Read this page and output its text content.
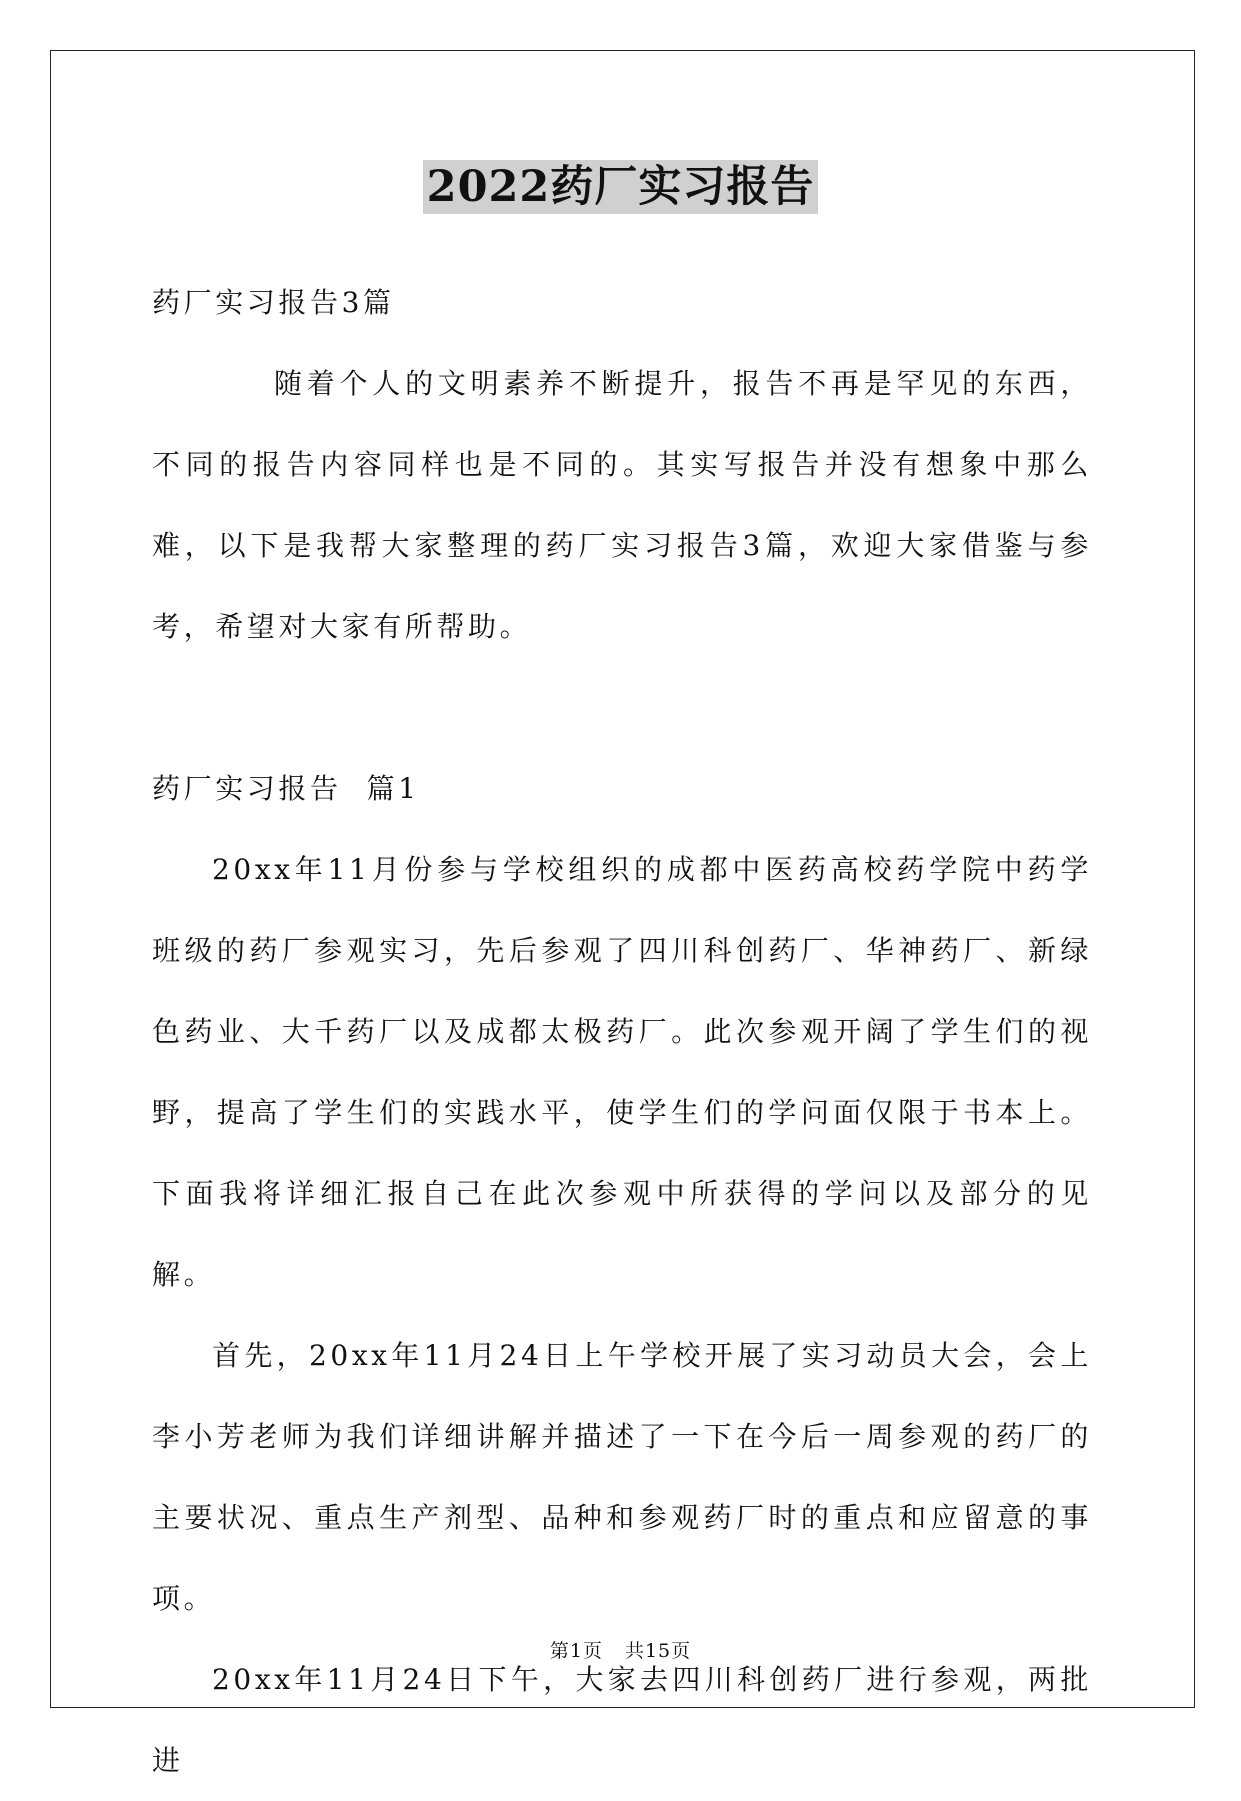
2022药厂实习报告

药厂实习报告3篇

随着个人的文明素养不断提升，报告不再是罕见的东西，不同的报告内容同样也是不同的。其实写报告并没有想象中那么难，以下是我帮大家整理的药厂实习报告3篇，欢迎大家借鉴与参考，希望对大家有所帮助。

药厂实习报告  篇1

20xx年11月份参与学校组织的成都中医药高校药学院中药学班级的药厂参观实习，先后参观了四川科创药厂、华神药厂、新绿色药业、大千药厂以及成都太极药厂。此次参观开阔了学生们的视野，提高了学生们的实践水平，使学生们的学问面仅限于书本上。下面我将详细汇报自己在此次参观中所获得的学问以及部分的见解。

首先，20xx年11月24日上午学校开展了实习动员大会，会上李小芳老师为我们详细讲解并描述了一下在今后一周参观的药厂的主要状况、重点生产剂型、品种和参观药厂时的重点和应留意的事项。

20xx年11月24日下午，大家去四川科创药厂进行参观，两批进

第1页 共15页
